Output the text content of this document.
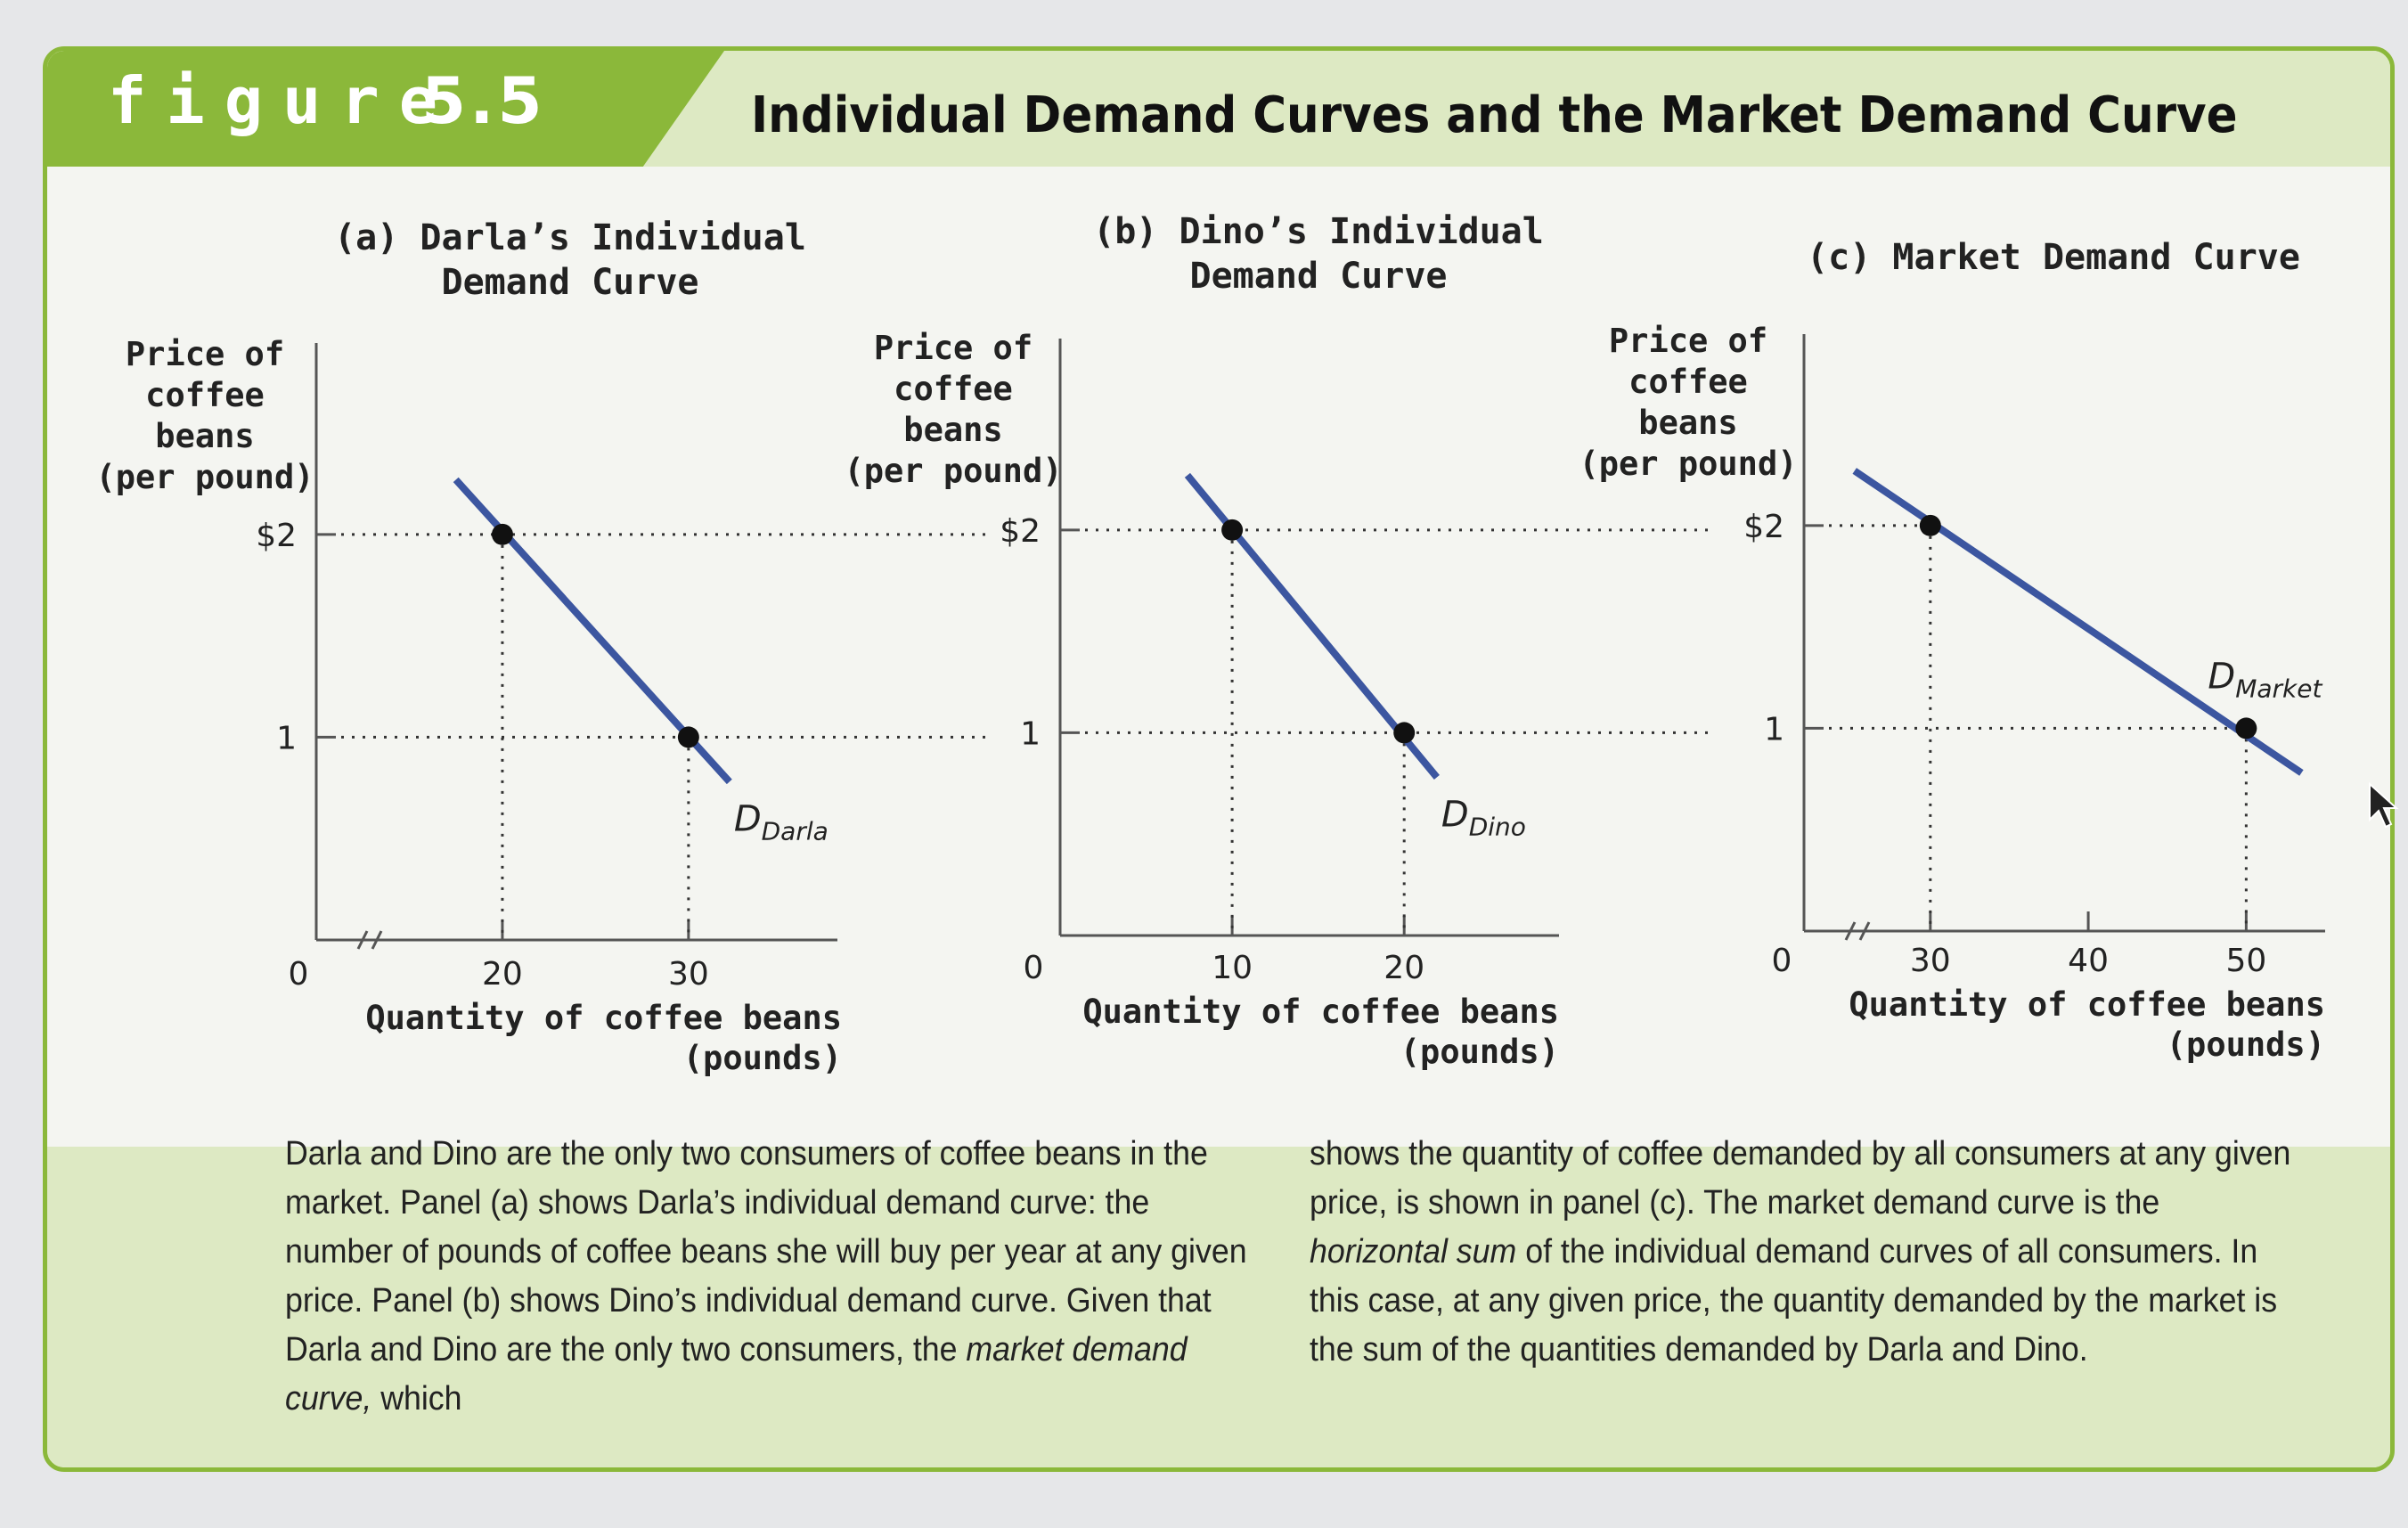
figure
5.5	Individual Demand Curves and the Market Demand Curve
(a) Darla’s Individual
Demand Curve
Price of
coffee
beans
(per pound)
Quantity of coffee beans
(pounds)
0
1
$2
20	30
$D_{Darla}$
(b) Dino’s Individual
Demand Curve
Price of
coffee
beans
(per pound)
Quantity of coffee beans
(pounds)
0
1
$2
10	20
$D_{Dino}$
(c) Market Demand Curve
Price of
coffee
beans
(per pound)
Quantity of coffee beans
(pounds)
0
1
$2
30	40	50
$D_{Market}$
Darla and Dino are the only two consumers of coffee beans in the market. Panel (a) shows Darla’s individual demand curve: the number of pounds of coffee beans she will buy per year at any given price. Panel (b) shows Dino’s individual demand curve. Given that Darla and Dino are the only two consumers, the market demand curve, which
shows the quantity of coffee demanded by all consumers at any given price, is shown in panel (c). The market demand curve is the horizontal sum of the individual demand curves of all consumers. In this case, at any given price, the quantity demanded by the market is the sum of the quantities demanded by Darla and Dino.
